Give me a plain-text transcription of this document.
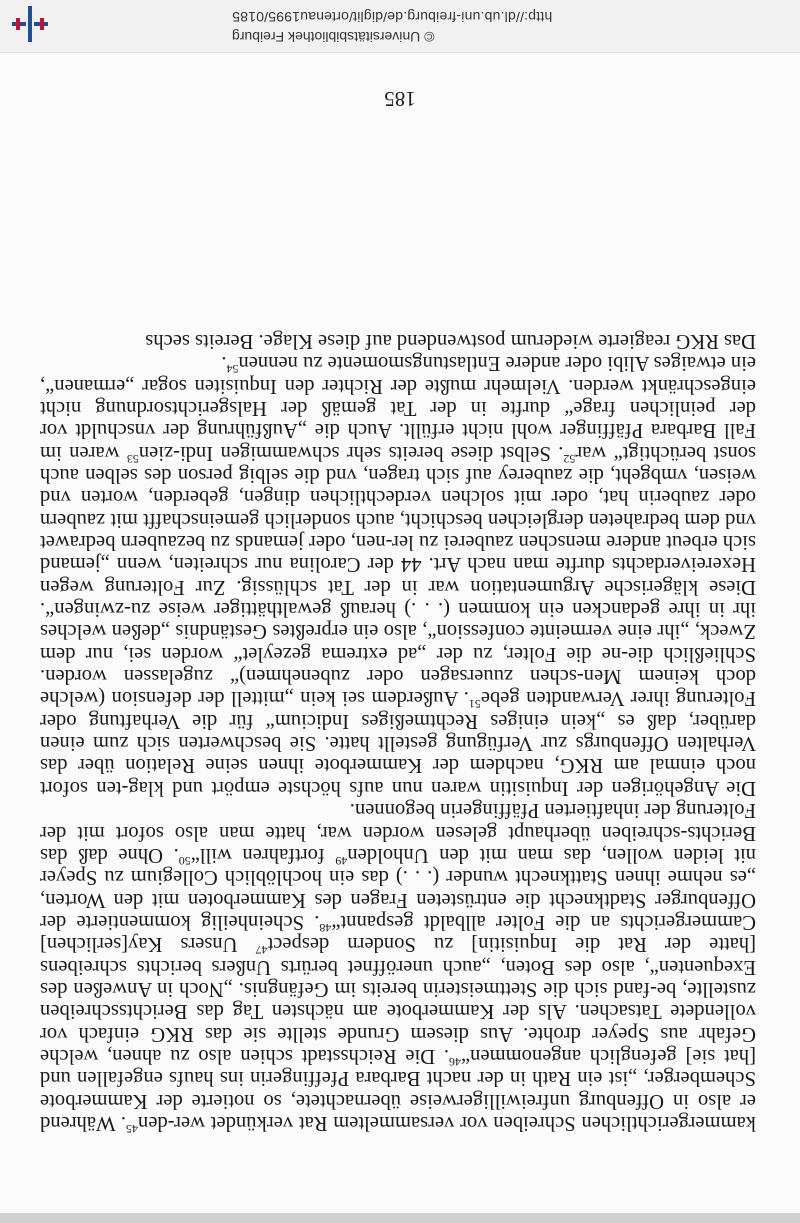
kammergerichtlichen Schreiben vor versammeltem Rat verkündet wer-den$^{45}$. Während er also in Offenburg unfreiwilligerweise übernachtete, so notierte der Kammerbote Schemberger, „ist ein Rath in der nacht Barbara Pfeffingerin ins haufs engefallen und [hat sie] gefenglich angenommen“$^{46}$. Die Reichsstadt schien also zu ahnen, welche Gefahr aus Speyer drohte. Aus diesem Grunde stellte sie das RKG einfach vor vollendete Tatsachen. Als der Kammerbote am nächsten Tag das Berichtsschreiben zustellte, be-fand sich die Stettmeisterin bereits im Gefängnis. „Noch in Anweßen des Exequenten“, also des Boten, „auch uneröffnet berürts Unßers berichts schreibens [hatte der Rat die Inquisitin] zu Sondern despect$^{47}$ Unsers Kay[serlichen] Cammergerichts an die Folter allbaldt gespannt“$^{48}$. Scheinheilig kommentierte der Offenburger Stadtknecht die entrüsteten Fragen des Kammerboten mit den Worten, „es nehme ihnen Stattknecht wunder (. . .) das ein hochlöblich Collegium zu Speyer nit leiden wollen, das man mit den Unholden$^{49}$ fortfahren will“$^{50}$. Ohne daß das Berichts-schreiben überhaupt gelesen worden war, hatte man also sofort mit der Folterung der inhaftierten Pfäffingerin begonnen.

Die Angehörigen der Inquisitin waren nun aufs höchste empört und klag-ten sofort noch einmal am RKG, nachdem der Kammerbote ihnen seine Relation über das Verhalten Offenburgs zur Verfügung gestellt hatte. Sie beschwerten sich zum einen darüber, daß es „kein einiges Rechtmeßiges Indicium“ für die Verhaftung oder Folterung ihrer Verwandten gebe$^{51}$. Außerdem sei kein „mittell der defension (welche doch keinem Men-schen zuuersagen oder zubenehmen)“ zugelassen worden. Schließlich die-ne die Folter, zu der „ad extrema gezeylet“ worden sei, nur dem Zweck, „ihr eine vermeinte confession“, also ein erpreßtes Geständnis „deßen welches ihr in ihre gedancken ein kommen (. . .) herauß gewalthättiger weise zu-zwingen“. Diese klägerische Argumentation war in der Tat schlüssig. Zur Folterung wegen Hexereiverdachts durfte man nach Art. 44 der Carolina nur schreiten, wenn „jemand sich erbeut andere menschen zauberei zu ler-nen, oder jemands zu bezaubern bedrawet vnd dem bedraheten dergleichen beschicht, auch sonderlich gemeinschafft mit zaubern oder zauberin hat, oder mit solchen verdechtlichen dingen, geberden, worten vnd weisen, vmbgeht, die zauberey auf sich tragen, vnd die selbig person des selben auch sonst berüchtigt“ war$^{52}$. Selbst diese bereits sehr schwammigen Indi-zien$^{53}$ waren im Fall Barbara Pfäffinger wohl nicht erfüllt. Auch die „Außführung der vnschuldt vor der peinlichen frage“ durfte in der Tat gemäß der Halsgerichtsordnung nicht eingeschränkt werden. Vielmehr mußte der Richter den Inquisiten sogar „ermanen“, ein etwaiges Alibi oder andere Entlastungsmomente zu nennen$^{54}$.

Das RKG reagierte wiederum postwendend auf diese Klage. Bereits sechs

185
© Universitätsbibliothek Freiburg
http://dl.ub.uni-freiburg.de/diglit/ortenau1995/0185
